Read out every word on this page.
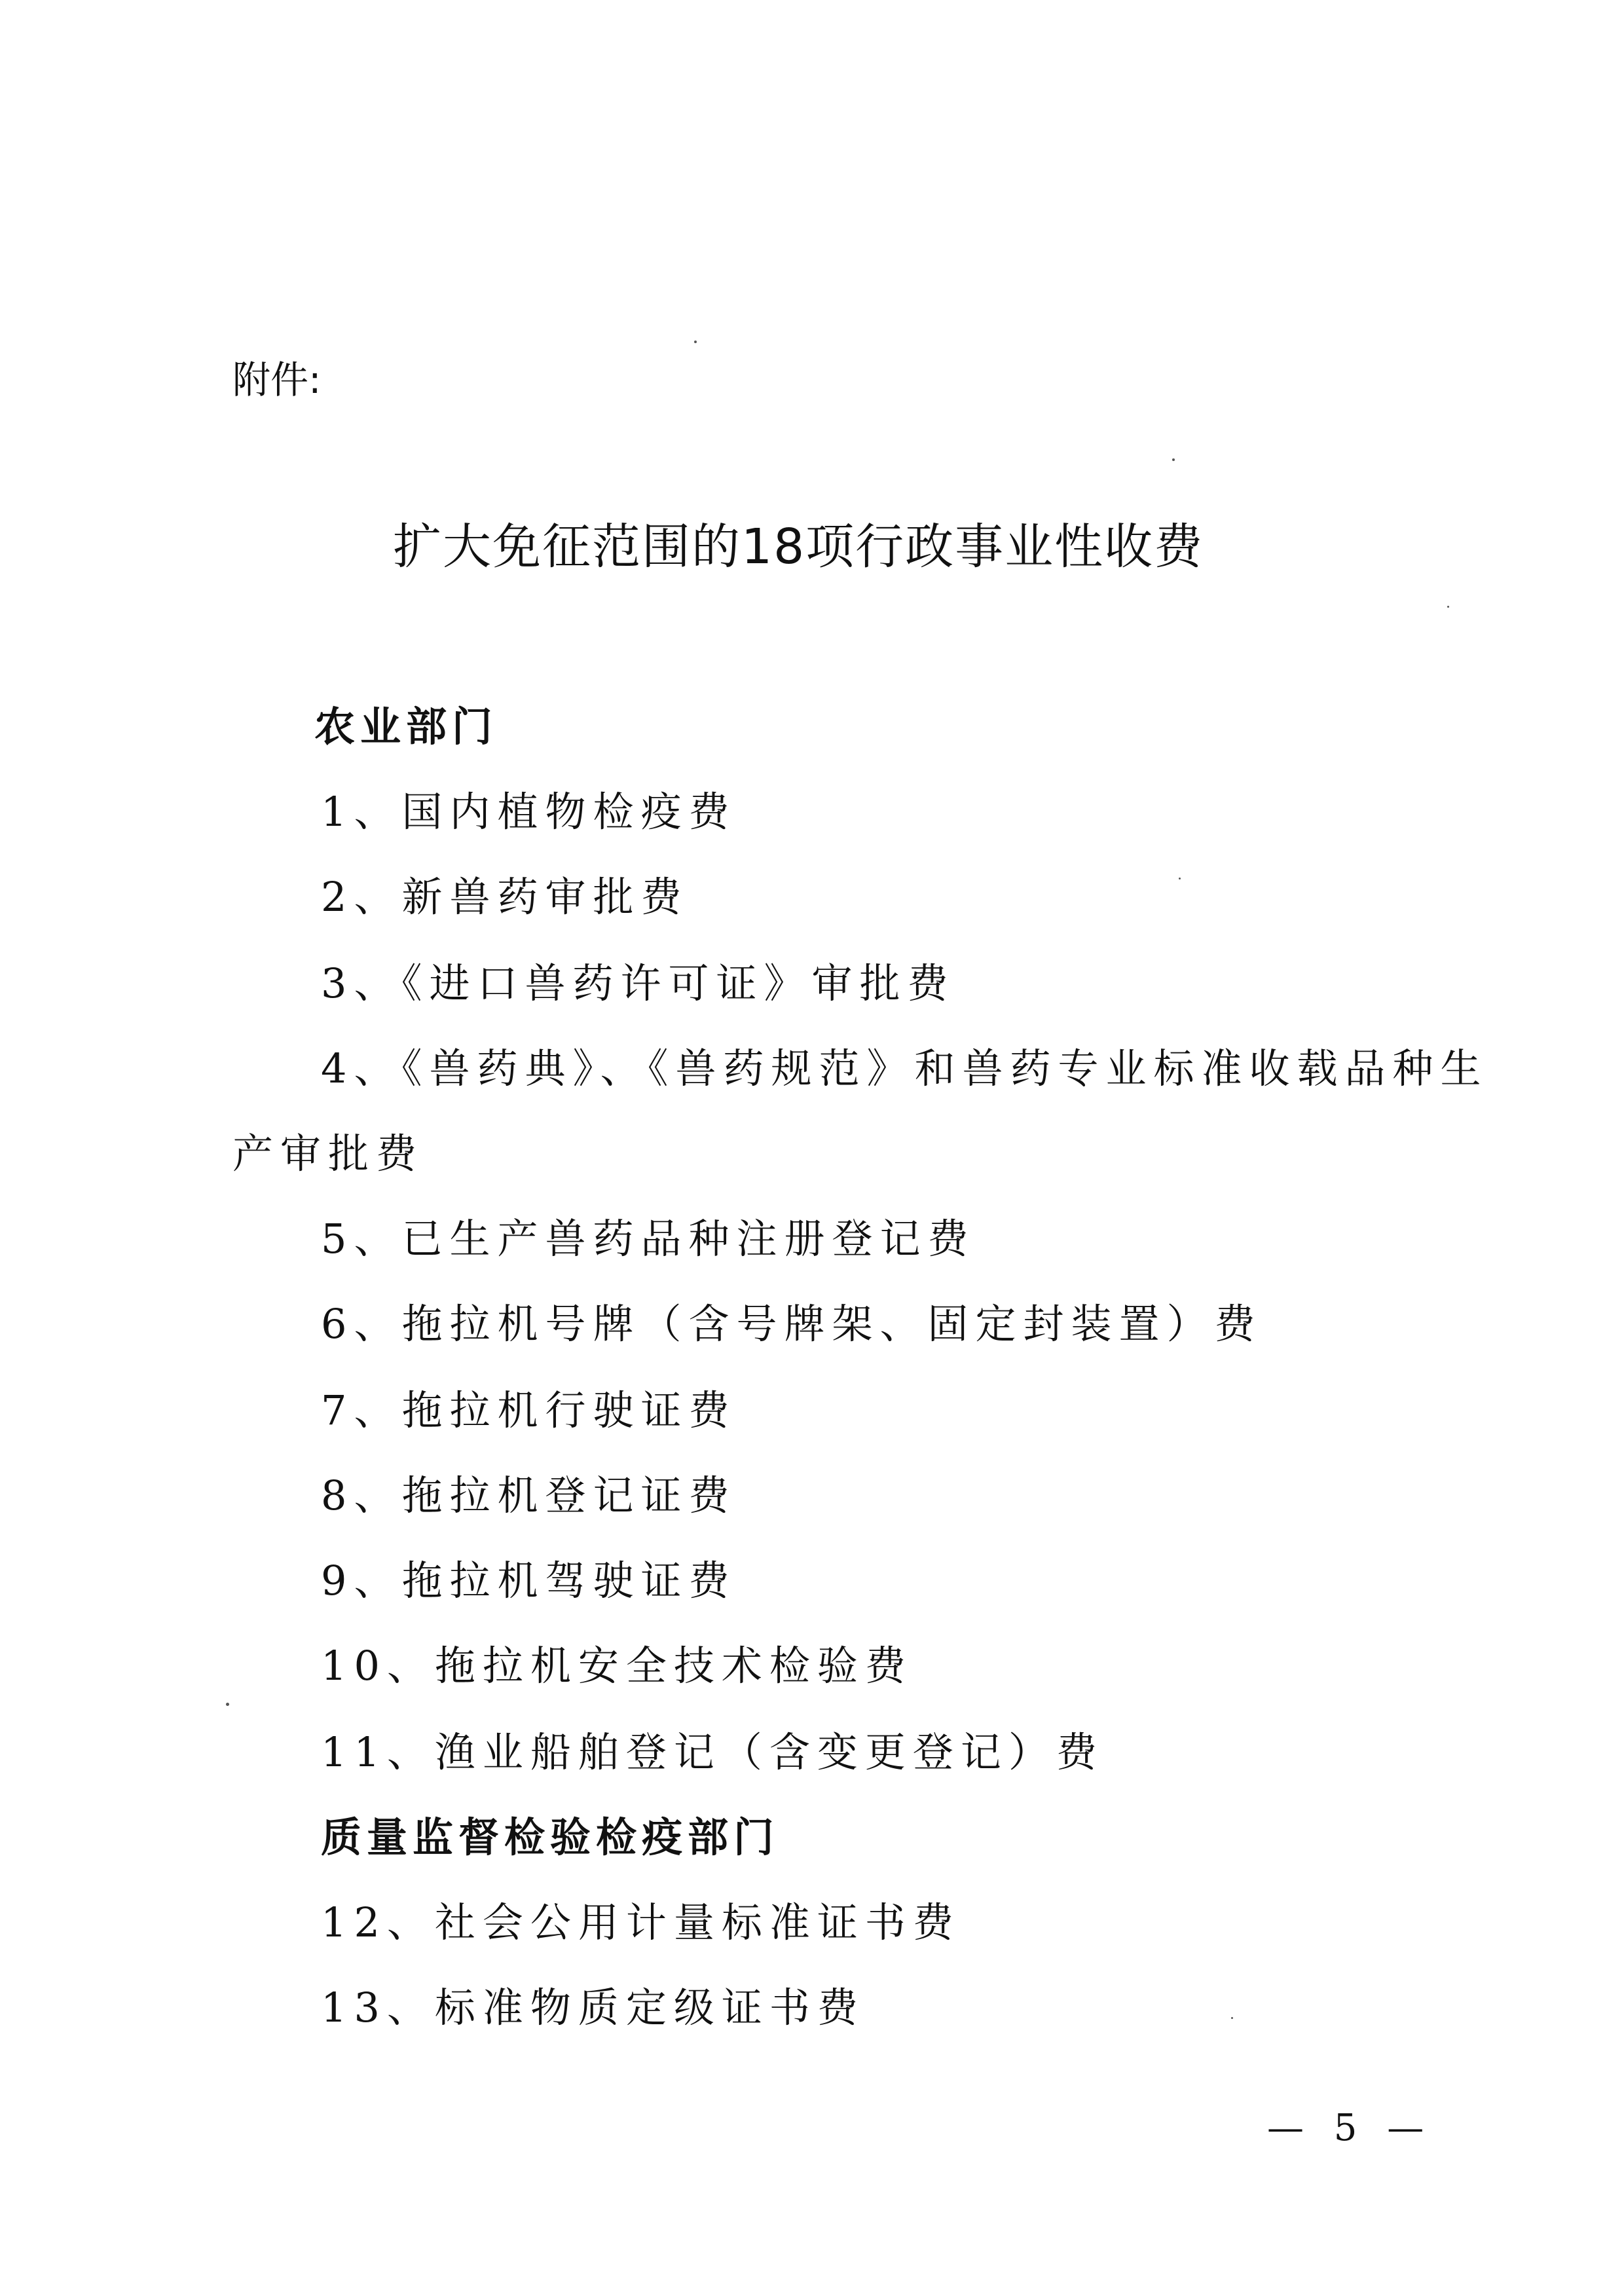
附件:
扩大免征范围的18项行政事业性收费
农业部门
1、国内植物检疫费
2、新兽药审批费
3、《进口兽药许可证》审批费
4、《兽药典》、《兽药规范》和兽药专业标准收载品种生
产审批费
5、已生产兽药品种注册登记费
6、拖拉机号牌（含号牌架、固定封装置）费
7、拖拉机行驶证费
8、拖拉机登记证费
9、拖拉机驾驶证费
10、拖拉机安全技术检验费
11、渔业船舶登记（含变更登记）费
质量监督检验检疫部门
12、社会公用计量标准证书费
13、标准物质定级证书费
— 5 —
